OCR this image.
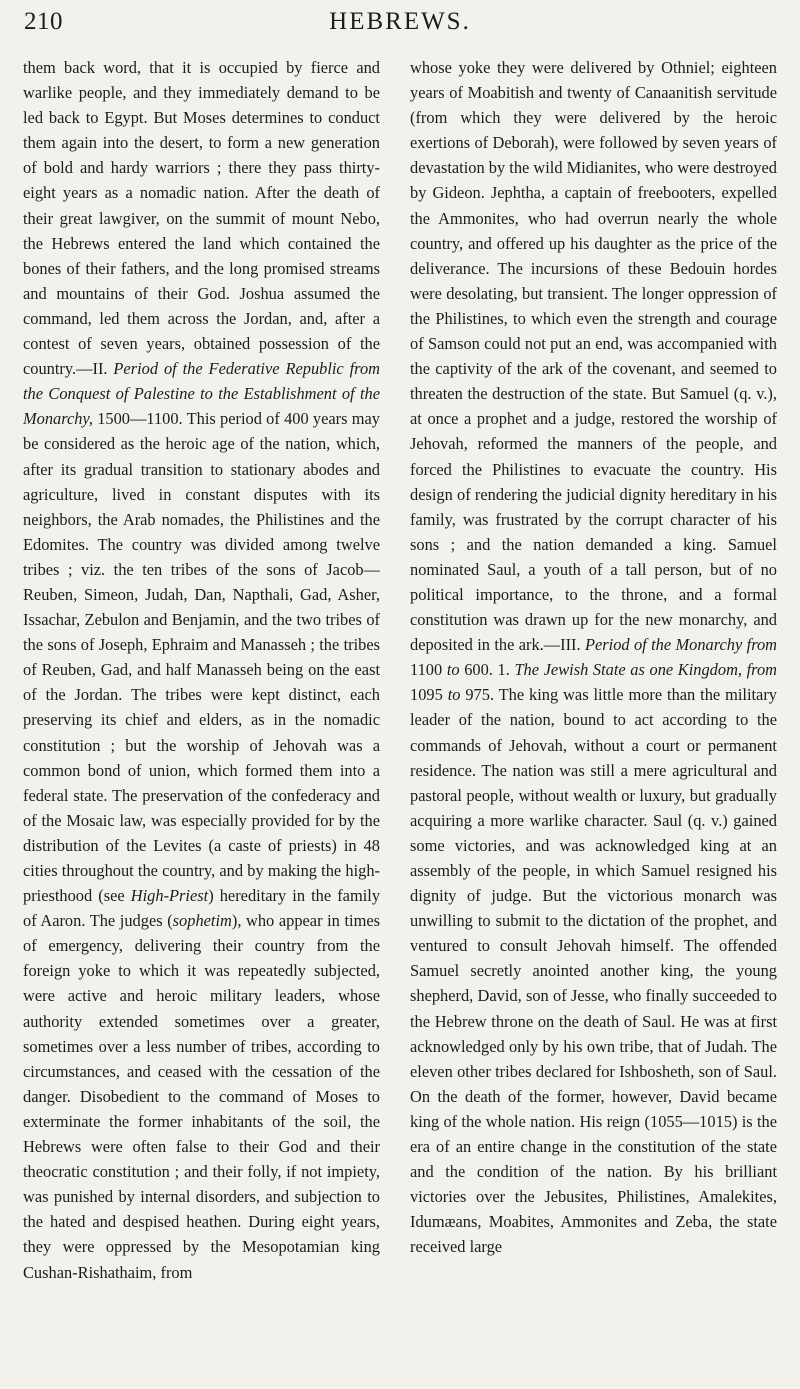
210	HEBREWS.

them back word, that it is occupied by fierce and warlike people, and they immediately demand to be led back to Egypt. But Moses determines to conduct them again into the desert, to form a new generation of bold and hardy warriors ; there they pass thirty-eight years as a nomadic nation. After the death of their great lawgiver, on the summit of mount Nebo, the Hebrews entered the land which contained the bones of their fathers, and the long promised streams and mountains of their God. Joshua assumed the command, led them across the Jordan, and, after a contest of seven years, obtained possession of the country.—II. Period of the Federative Republic from the Conquest of Palestine to the Establishment of the Monarchy, 1500—1100. This period of 400 years may be considered as the heroic age of the nation, which, after its gradual transition to stationary abodes and agriculture, lived in constant disputes with its neighbors, the Arab nomades, the Philistines and the Edomites. The country was divided among twelve tribes ; viz. the ten tribes of the sons of Jacob—Reuben, Simeon, Judah, Dan, Napthali, Gad, Asher, Issachar, Zebulon and Benjamin, and the two tribes of the sons of Joseph, Ephraim and Manasseh ; the tribes of Reuben, Gad, and half Manasseh being on the east of the Jordan. The tribes were kept distinct, each preserving its chief and elders, as in the nomadic constitution ; but the worship of Jehovah was a common bond of union, which formed them into a federal state. The preservation of the confederacy and of the Mosaic law, was especially provided for by the distribution of the Levites (a caste of priests) in 48 cities throughout the country, and by making the high-priesthood (see High-Priest) hereditary in the family of Aaron. The judges (sophetim), who appear in times of emergency, delivering their country from the foreign yoke to which it was repeatedly subjected, were active and heroic military leaders, whose authority extended sometimes over a greater, sometimes over a less number of tribes, according to circumstances, and ceased with the cessation of the danger. Disobedient to the command of Moses to exterminate the former inhabitants of the soil, the Hebrews were often false to their God and their theocratic constitution ; and their folly, if not impiety, was punished by internal disorders, and subjection to the hated and despised heathen. During eight years, they were oppressed by the Mesopotamian king Cushan-Rishathaim, from

whose yoke they were delivered by Othniel; eighteen years of Moabitish and twenty of Canaanitish servitude (from which they were delivered by the heroic exertions of Deborah), were followed by seven years of devastation by the wild Midianites, who were destroyed by Gideon. Jephtha, a captain of freebooters, expelled the Ammonites, who had overrun nearly the whole country, and offered up his daughter as the price of the deliverance. The incursions of these Bedouin hordes were desolating, but transient. The longer oppression of the Philistines, to which even the strength and courage of Samson could not put an end, was accompanied with the captivity of the ark of the covenant, and seemed to threaten the destruction of the state. But Samuel (q. v.), at once a prophet and a judge, restored the worship of Jehovah, reformed the manners of the people, and forced the Philistines to evacuate the country. His design of rendering the judicial dignity hereditary in his family, was frustrated by the corrupt character of his sons ; and the nation demanded a king. Samuel nominated Saul, a youth of a tall person, but of no political importance, to the throne, and a formal constitution was drawn up for the new monarchy, and deposited in the ark.—III. Period of the Monarchy from 1100 to 600. 1. The Jewish State as one Kingdom, from 1095 to 975. The king was little more than the military leader of the nation, bound to act according to the commands of Jehovah, without a court or permanent residence. The nation was still a mere agricultural and pastoral people, without wealth or luxury, but gradually acquiring a more warlike character. Saul (q. v.) gained some victories, and was acknowledged king at an assembly of the people, in which Samuel resigned his dignity of judge. But the victorious monarch was unwilling to submit to the dictation of the prophet, and ventured to consult Jehovah himself. The offended Samuel secretly anointed another king, the young shepherd, David, son of Jesse, who finally succeeded to the Hebrew throne on the death of Saul. He was at first acknowledged only by his own tribe, that of Judah. The eleven other tribes declared for Ishbosheth, son of Saul. On the death of the former, however, David became king of the whole nation. His reign (1055—1015) is the era of an entire change in the constitution of the state and the condition of the nation. By his brilliant victories over the Jebusites, Philistines, Amalekites, Idumæans, Moabites, Ammonites and Zeba, the state received large
